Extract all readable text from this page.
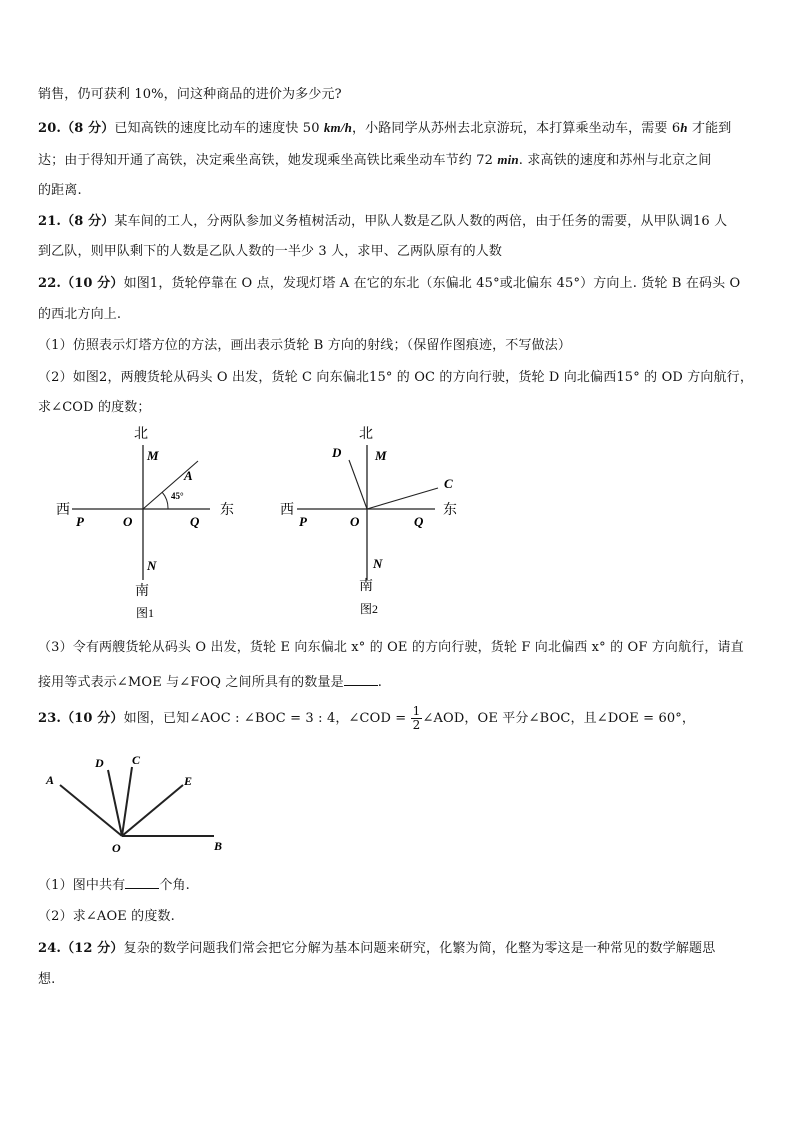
销售，仍可获利 10%，问这种商品的进价为多少元?
20.（8 分）已知高铁的速度比动车的速度快 50 km/h，小路同学从苏州去北京游玩，本打算乘坐动车，需要 6h 才能到
达；由于得知开通了高铁，决定乘坐高铁，她发现乘坐高铁比乘坐动车节约 72 min. 求高铁的速度和苏州与北京之间
的距离.
21.（8 分）某车间的工人，分两队参加义务植树活动，甲队人数是乙队人数的两倍，由于任务的需要，从甲队调16 人
到乙队，则甲队剩下的人数是乙队人数的一半少 3 人，求甲、乙两队原有的人数
22.（10 分）如图1，货轮停靠在 O 点，发现灯塔 A 在它的东北（东偏北 45°或北偏东 45°）方向上. 货轮 B 在码头 O
的西北方向上.
（1）仿照表示灯塔方位的方法，画出表示货轮 B 方向的射线；（保留作图痕迹，不写做法）
（2）如图2，两艘货轮从码头 O 出发，货轮 C 向东偏北15° 的 OC 的方向行驶，货轮 D 向北偏西15° 的 OD 方向航行，
求∠COD 的度数；
北
M
A
45°
西	东
P	O	Q
N
南
图1
北
D	M
C
西	东
P	O	Q
N
南
图2
（3）令有两艘货轮从码头 O 出发，货轮 E 向东偏北 x° 的 OE 的方向行驶，货轮 F 向北偏西 x° 的 OF 方向航行，请直
接用等式表示∠MOE 与∠FOQ 之间所具有的数量是	.
23.（10 分）如图，已知∠AOC : ∠BOC = 3 : 4，∠COD = $\frac{1}{2}$ ∠AOD，OE 平分∠BOC，且∠DOE = 60°，
A
D C
E
O	B
（1）图中共有	个角.
（2）求∠AOE 的度数.
24.（12 分）复杂的数学问题我们常会把它分解为基本问题来研究，化繁为简，化整为零这是一种常见的数学解题思
想.
